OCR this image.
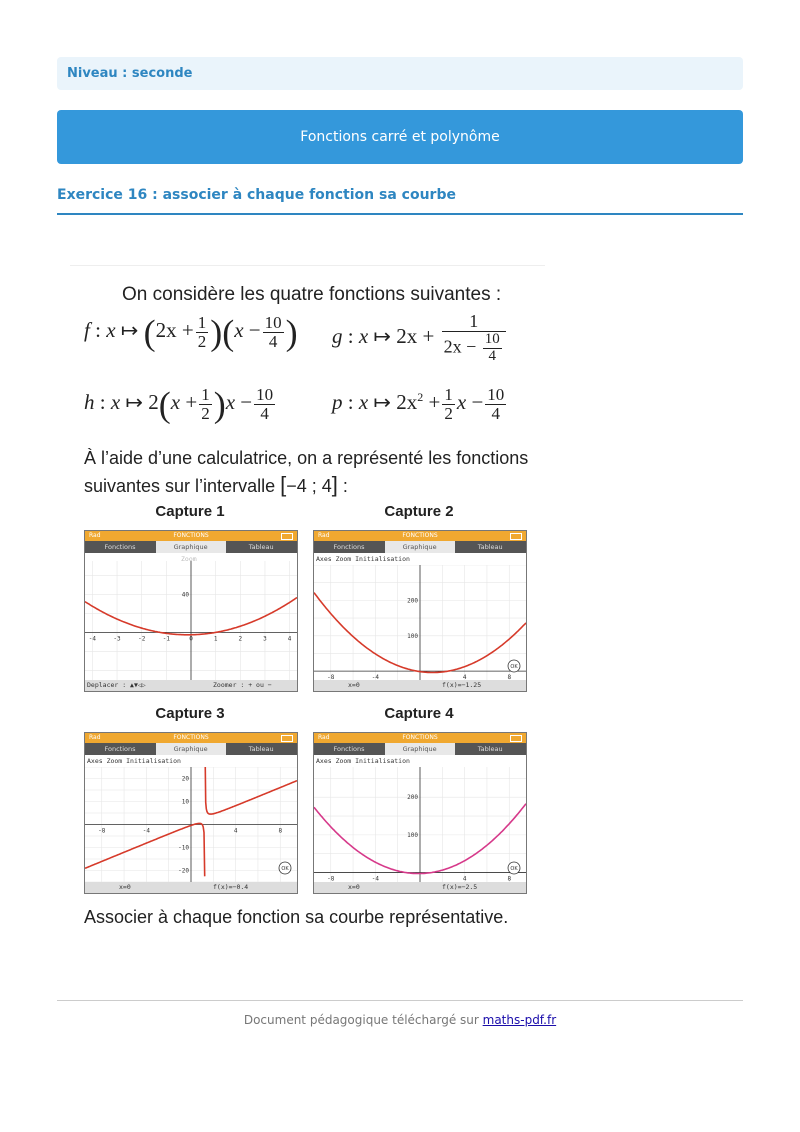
Niveau : seconde
Fonctions carré et polynôme
Exercice 16 : associer à chaque fonction sa courbe
On considère les quatre fonctions suivantes :
f : x ↦ $(2x + \frac{1}{2} )(x - \frac{10}{4}$ ) g : x ↦ $2x + \frac{1}{2x - \frac{10}{4}}$
h : x ↦ $2(x + \frac{1}{2} )x - \frac{10}{4}$	p : x ↦ $2x^2 + \frac{1}{2}$ $x - \frac{10}{4}$
À l’aide d’une calculatrice, on a représenté les fonctions
suivantes sur l’intervalle [−4 ; 4] :
Capture 1	Capture 2
Rad	FONCTIONS
Fonctions	Graphique	Tableau
-4	-3	-2	-1	0	1	2	3	4
40
Zoom
Deplacer : ▲▼◁▷	Zoomer : + ou −
Rad	FONCTIONS
Fonctions	Graphique	Tableau
-8	-4	4	8
200
100
OK
Axes Zoom Initialisation
x=0	f(x)=−1.25
Capture 3	Capture 4
Rad	FONCTIONS
Fonctions	Graphique	Tableau
-8	-4	4	8
20
10
-10
-20	OK
Axes Zoom Initialisation
x=0	f(x)=−0.4
Rad	FONCTIONS
Fonctions	Graphique	Tableau
-8	-4	4	8
200
100
OK
Axes Zoom Initialisation
x=0	f(x)=−2.5
Associer à chaque fonction sa courbe représentative.
Document pédagogique téléchargé sur maths-pdf.fr
